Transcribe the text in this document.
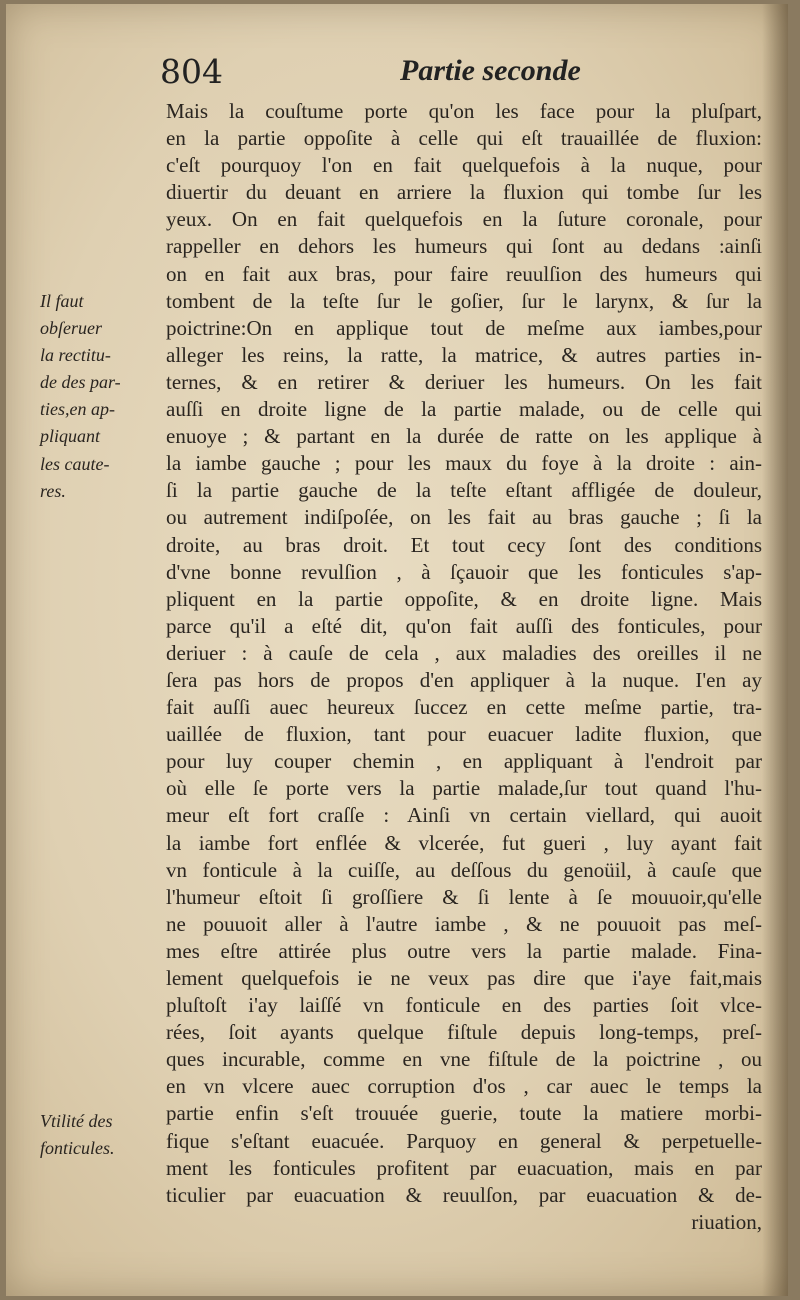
804	Partie seconde
Il faut
obſeruer
la rectitu-
de des par-
ties,en ap-
pliquant
les caute-
res.
Vtilité des
fonticules.
Mais la couſtume porte qu'on les face pour la pluſpart,
en la partie oppoſite à celle qui eſt trauaillée de fluxion:
c'eſt pourquoy l'on en fait quelquefois à la nuque, pour
diuertir du deuant en arriere la fluxion qui tombe ſur les
yeux. On en fait quelquefois en la ſuture coronale, pour
rappeller en dehors les humeurs qui ſont au dedans :ainſi
on en fait aux bras, pour faire reuulſion des humeurs qui
tombent de la teſte ſur le goſier, ſur le larynx, & ſur la
poictrine:On en applique tout de meſme aux iambes,pour
alleger les reins, la ratte, la matrice, & autres parties in-
ternes, & en retirer & deriuer les humeurs. On les fait
auſſi en droite ligne de la partie malade, ou de celle qui
enuoye ; & partant en la durée de ratte on les applique à
la iambe gauche ; pour les maux du foye à la droite : ain-
ſi la partie gauche de la teſte eſtant affligée de douleur,
ou autrement indiſpoſée, on les fait au bras gauche ; ſi la
droite, au bras droit. Et tout cecy ſont des conditions
d'vne bonne revulſion , à ſçauoir que les fonticules s'ap-
pliquent en la partie oppoſite, & en droite ligne. Mais
parce qu'il a eſté dit, qu'on fait auſſi des fonticules, pour
deriuer : à cauſe de cela , aux maladies des oreilles il ne
ſera pas hors de propos d'en appliquer à la nuque. I'en ay
fait auſſi auec heureux ſuccez en cette meſme partie, tra-
uaillée de fluxion, tant pour euacuer ladite fluxion, que
pour luy couper chemin , en appliquant à l'endroit par
où elle ſe porte vers la partie malade,ſur tout quand l'hu-
meur eſt fort craſſe : Ainſi vn certain viellard, qui auoit
la iambe fort enflée & vlcerée, fut gueri , luy ayant fait
vn fonticule à la cuiſſe, au deſſous du genoüil, à cauſe que
l'humeur eſtoit ſi groſſiere & ſi lente à ſe mouuoir,qu'elle
ne pouuoit aller à l'autre iambe , & ne pouuoit pas meſ-
mes eſtre attirée plus outre vers la partie malade. Fina-
lement quelquefois ie ne veux pas dire que i'aye fait,mais
pluſtoſt i'ay laiſſé vn fonticule en des parties ſoit vlce-
rées, ſoit ayants quelque fiſtule depuis long-temps, preſ-
ques incurable, comme en vne fiſtule de la poictrine , ou
en vn vlcere auec corruption d'os , car auec le temps la
partie enfin s'eſt trouuée guerie, toute la matiere morbi-
fique s'eſtant euacuée. Parquoy en general & perpetuelle-
ment les fonticules profitent par euacuation, mais en par
ticulier par euacuation & reuulſon, par euacuation & de-
riuation,
